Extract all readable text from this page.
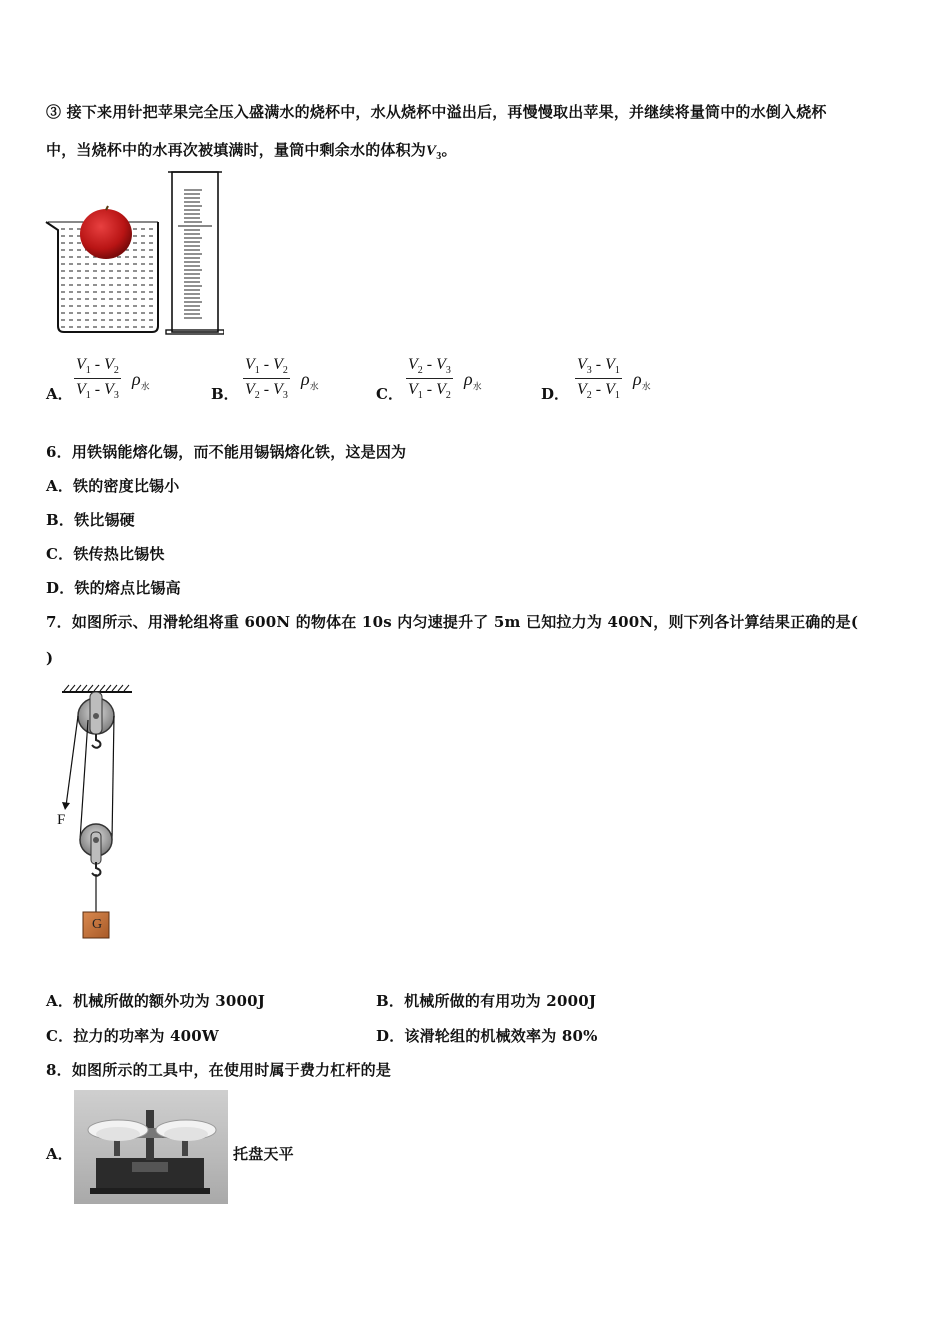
③ 接下来用针把苹果完全压入盛满水的烧杯中，水从烧杯中溢出后，再慢慢取出苹果，并继续将量筒中的水倒入烧杯
中，当烧杯中的水再次被填满时，量筒中剩余水的体积为$V_3$。
A． $\frac{V_1 - V_2}{V_1 - V_3} \rho_水$	B． $\frac{V_1 - V_2}{V_2 - V_3} \rho_水$	C． $\frac{V_2 - V_3}{V_1 - V_2} \rho_水$	D． $\frac{V_3 - V_1}{V_2 - V_1} \rho_水$
6．用铁锅能熔化锡，而不能用锡锅熔化铁，这是因为
A．铁的密度比锡小
B．铁比锡硬
C．铁传热比锡快
D．铁的熔点比锡高
7．如图所示、用滑轮组将重 600N 的物体在 10s 内匀速提升了 5m 已知拉力为 400N，则下列各计算结果正确的是(
)
F
G
A．机械所做的额外功为 3000J	B．机械所做的有用功为 2000J
C．拉力的功率为 400W	D．该滑轮组的机械效率为 80%
8．如图所示的工具中，在使用时属于费力杠杆的是
A．	托盘天平
